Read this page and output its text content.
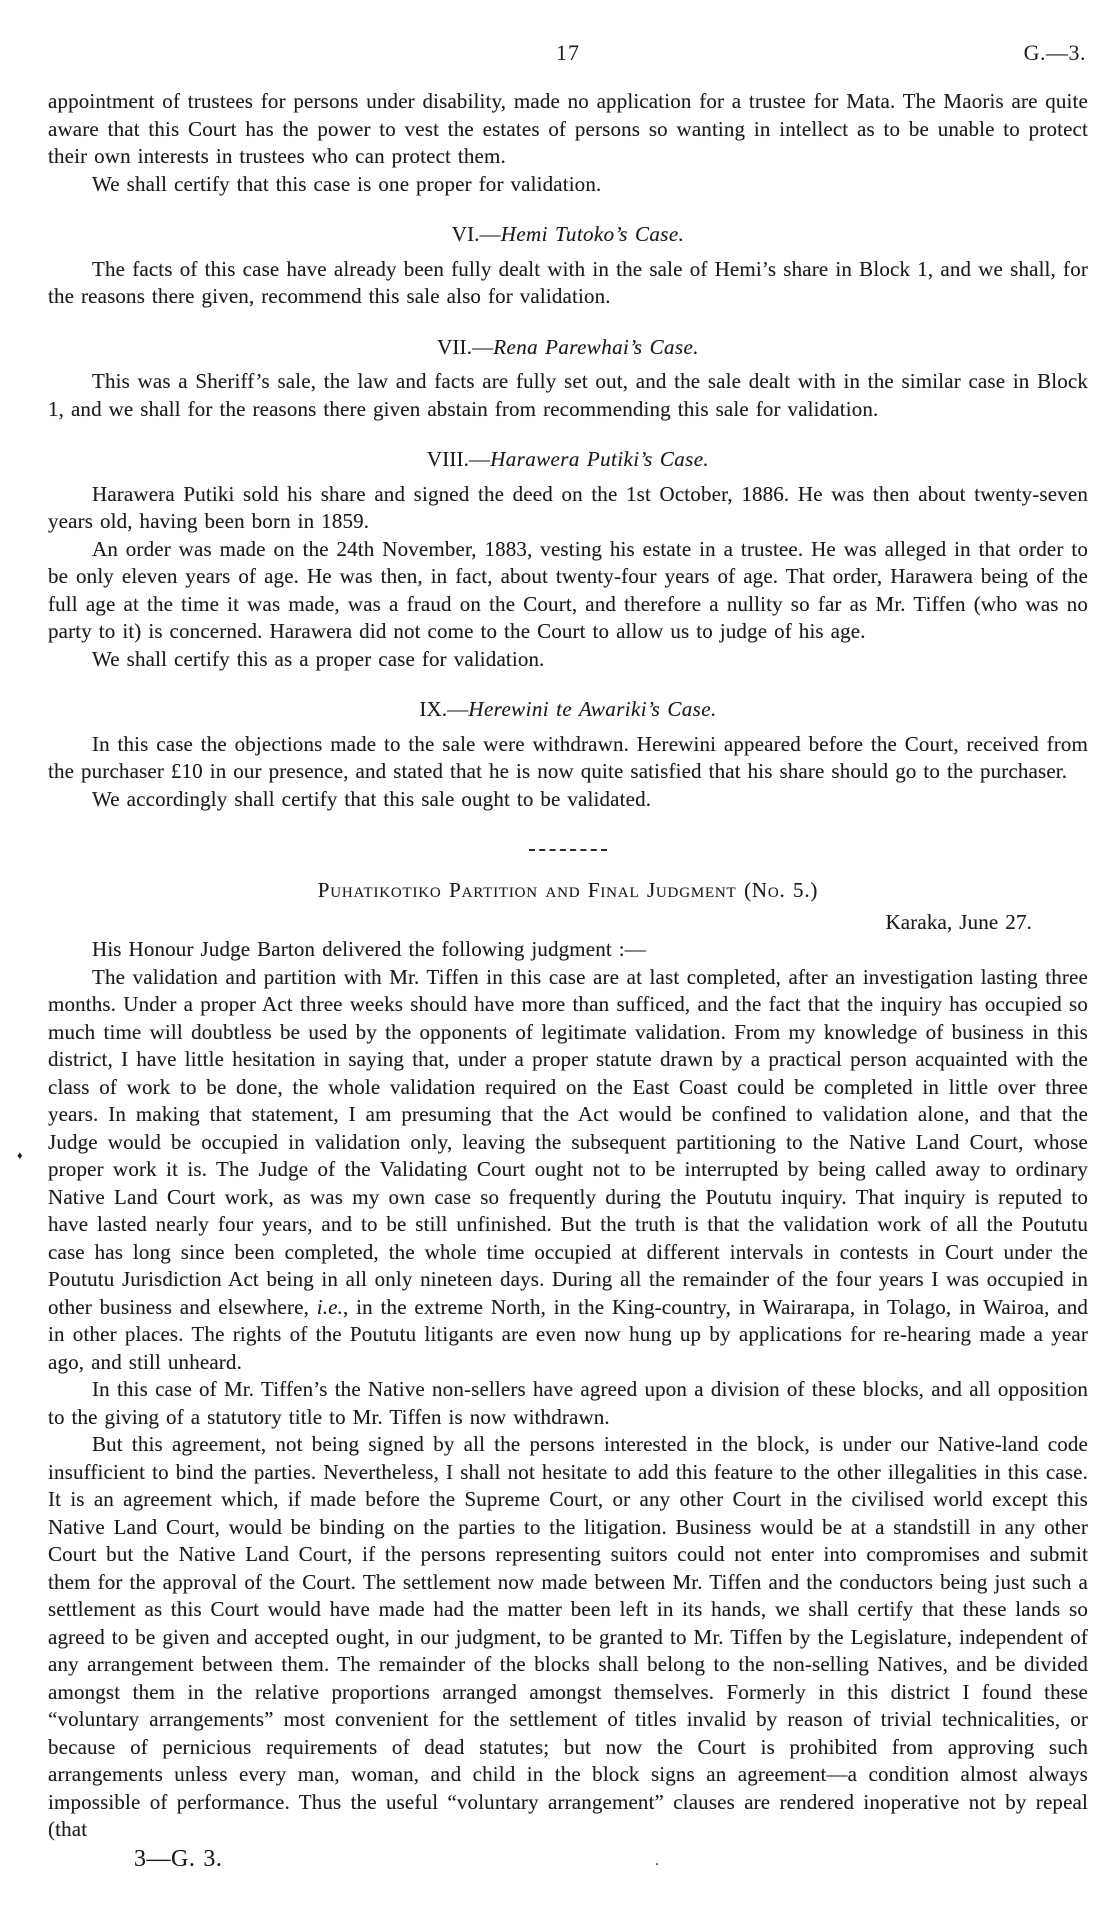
17	G.—3.

appointment of trustees for persons under disability, made no application for a trustee for Mata. The Maoris are quite aware that this Court has the power to vest the estates of persons so wanting in intellect as to be unable to protect their own interests in trustees who can protect them.

We shall certify that this case is one proper for validation.

VI.—Hemi Tutoko’s Case.

The facts of this case have already been fully dealt with in the sale of Hemi’s share in Block 1, and we shall, for the reasons there given, recommend this sale also for validation.

VII.—Rena Parewhai’s Case.

This was a Sheriff’s sale, the law and facts are fully set out, and the sale dealt with in the similar case in Block 1, and we shall for the reasons there given abstain from recommending this sale for validation.

VIII.—Harawera Putiki’s Case.

Harawera Putiki sold his share and signed the deed on the 1st October, 1886. He was then about twenty-seven years old, having been born in 1859.

An order was made on the 24th November, 1883, vesting his estate in a trustee. He was alleged in that order to be only eleven years of age. He was then, in fact, about twenty-four years of age. That order, Harawera being of the full age at the time it was made, was a fraud on the Court, and therefore a nullity so far as Mr. Tiffen (who was no party to it) is concerned. Harawera did not come to the Court to allow us to judge of his age.

We shall certify this as a proper case for validation.

IX.—Herewini te Awariki’s Case.

In this case the objections made to the sale were withdrawn. Herewini appeared before the Court, received from the purchaser £10 in our presence, and stated that he is now quite satisfied that his share should go to the purchaser.

We accordingly shall certify that this sale ought to be validated.

Puhatikotiko Partition and Final Judgment (No. 5.)
Karaka, June 27.

His Honour Judge Barton delivered the following judgment :—

The validation and partition with Mr. Tiffen in this case are at last completed, after an investigation lasting three months. Under a proper Act three weeks should have more than sufficed, and the fact that the inquiry has occupied so much time will doubtless be used by the opponents of legitimate validation. From my knowledge of business in this district, I have little hesitation in saying that, under a proper statute drawn by a practical person acquainted with the class of work to be done, the whole validation required on the East Coast could be completed in little over three years. In making that statement, I am presuming that the Act would be confined to validation alone, and that the Judge would be occupied in validation only, leaving the subsequent partitioning to the Native Land Court, whose proper work it is. The Judge of the Validating Court ought not to be interrupted by being called away to ordinary Native Land Court work, as was my own case so frequently during the Poututu inquiry. That inquiry is reputed to have lasted nearly four years, and to be still unfinished. But the truth is that the validation work of all the Poututu case has long since been completed, the whole time occupied at different intervals in contests in Court under the Poututu Jurisdiction Act being in all only nineteen days. During all the remainder of the four years I was occupied in other business and elsewhere, i.e., in the extreme North, in the King-country, in Wairarapa, in Tolago, in Wairoa, and in other places. The rights of the Poututu litigants are even now hung up by applications for re-hearing made a year ago, and still unheard.

In this case of Mr. Tiffen’s the Native non-sellers have agreed upon a division of these blocks, and all opposition to the giving of a statutory title to Mr. Tiffen is now withdrawn.

But this agreement, not being signed by all the persons interested in the block, is under our Native-land code insufficient to bind the parties. Nevertheless, I shall not hesitate to add this feature to the other illegalities in this case. It is an agreement which, if made before the Supreme Court, or any other Court in the civilised world except this Native Land Court, would be binding on the parties to the litigation. Business would be at a standstill in any other Court but the Native Land Court, if the persons representing suitors could not enter into compromises and submit them for the approval of the Court. The settlement now made between Mr. Tiffen and the conductors being just such a settlement as this Court would have made had the matter been left in its hands, we shall certify that these lands so agreed to be given and accepted ought, in our judgment, to be granted to Mr. Tiffen by the Legislature, independent of any arrangement between them. The remainder of the blocks shall belong to the non-selling Natives, and be divided amongst them in the relative proportions arranged amongst themselves. Formerly in this district I found these “voluntary arrangements” most convenient for the settlement of titles invalid by reason of trivial technicalities, or because of pernicious requirements of dead statutes; but now the Court is prohibited from approving such arrangements unless every man, woman, and child in the block signs an agreement—a condition almost always impossible of performance. Thus the useful “voluntary arrangement” clauses are rendered inoperative not by repeal (that

3—G. 3.
♦
.
